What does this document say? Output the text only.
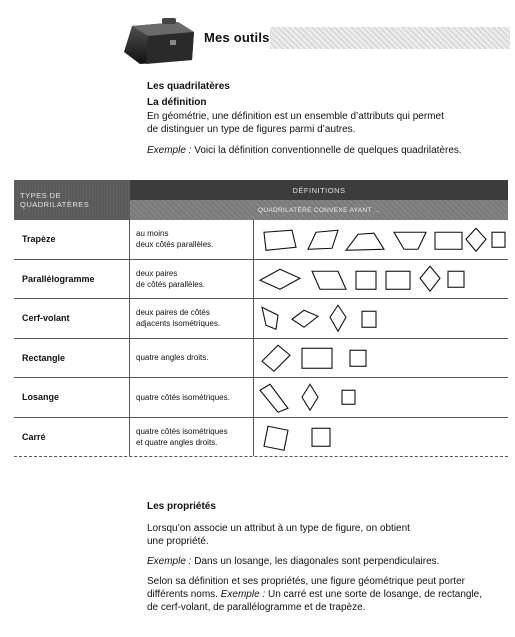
Mes outils

Les quadrilatères

La définition

En géométrie, une définition est un ensemble d’attributs qui permet

de distinguer un type de figures parmi d’autres.

Exemple : Voici la définition conventionnelle de quelques quadrilatères.

TYPES DE QUADRILATÈRES
DÉFINITIONS
QUADRILATÈRE CONVEXE AYANT ...
Trapèze
au moins
deux côtés parallèles.
Parallélogramme
deux paires
de côtés parallèles.
Cerf-volant
deux paires de côtés
adjacents isométriques.
Rectangle	quatre angles droits.
Losange	quatre côtés isométriques.
Carré
quatre côtés isométriques
et quatre angles droits.

Les propriétés

Lorsqu’on associe un attribut à un type de figure, on obtient

une propriété.

Exemple : Dans un losange, les diagonales sont perpendiculaires.

Selon sa définition et ses propriétés, une figure géométrique peut porter

différents noms. Exemple : Un carré est une sorte de losange, de rectangle,

de cerf-volant, de parallélogramme et de trapèze.
